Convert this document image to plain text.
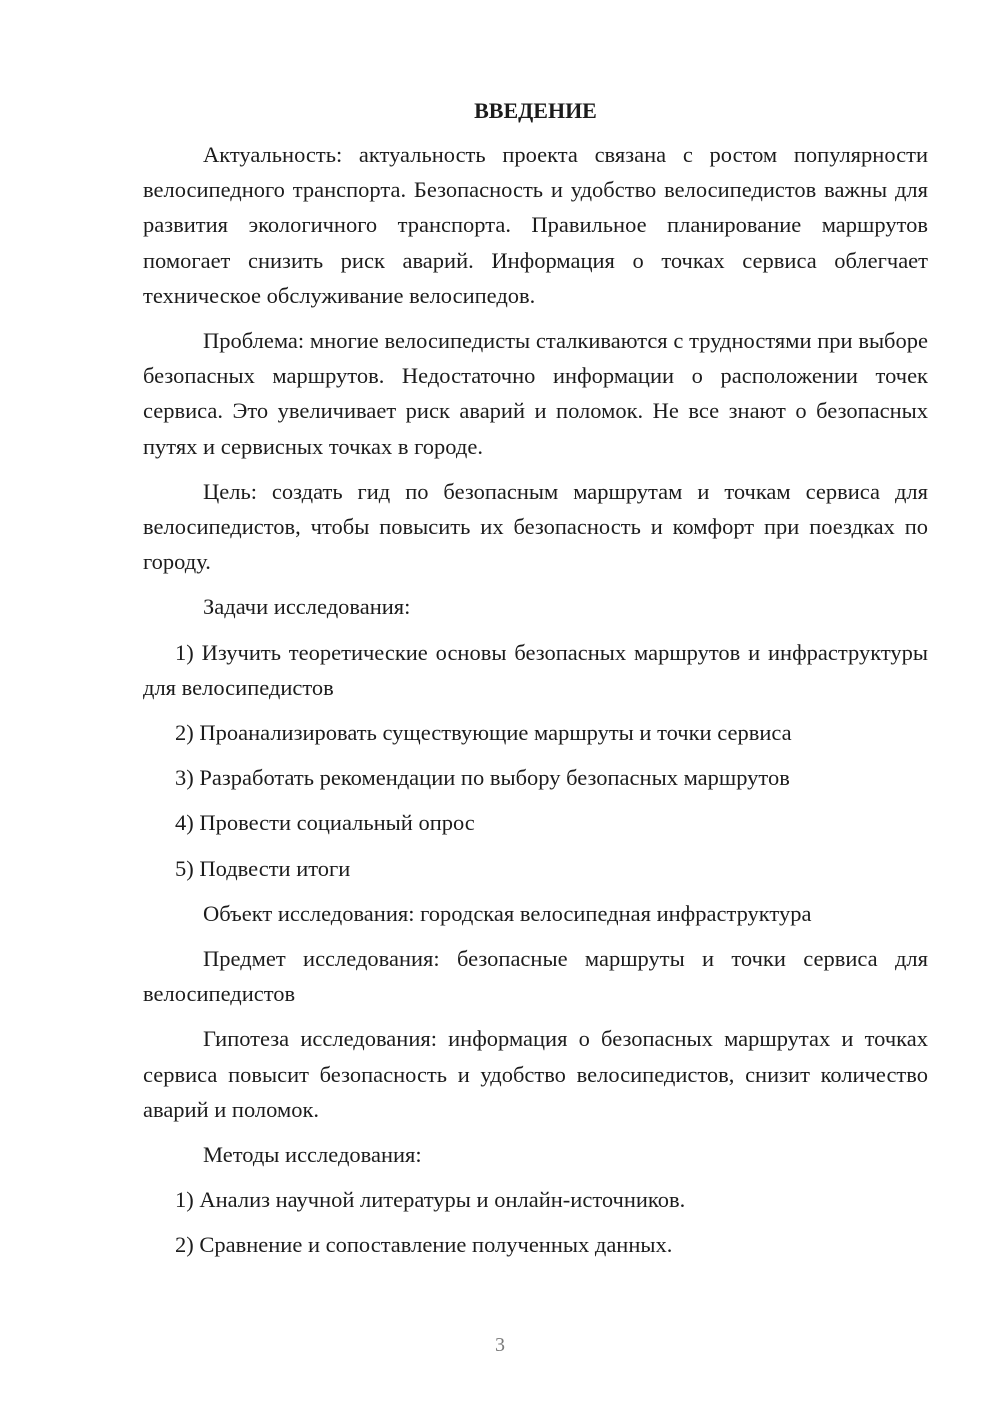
ВВЕДЕНИЕ

Актуальность: актуальность проекта связана с ростом популярности велосипедного транспорта. Безопасность и удобство велосипедистов важны для развития экологичного транспорта. Правильное планирование маршрутов помогает снизить риск аварий. Информация о точках сервиса облегчает техническое обслуживание велосипедов.

Проблема: многие велосипедисты сталкиваются с трудностями при выборе безопасных маршрутов. Недостаточно информации о расположении точек сервиса. Это увеличивает риск аварий и поломок. Не все знают о безопасных путях и сервисных точках в городе.

Цель: создать гид по безопасным маршрутам и точкам сервиса для велосипедистов, чтобы повысить их безопасность и комфорт при поездках по городу.

Задачи исследования:

1) Изучить теоретические основы безопасных маршрутов и инфраструктуры для велосипедистов

2) Проанализировать существующие маршруты и точки сервиса

3) Разработать рекомендации по выбору безопасных маршрутов

4) Провести социальный опрос

5) Подвести итоги

Объект исследования: городская велосипедная инфраструктура

Предмет исследования: безопасные маршруты и точки сервиса для велосипедистов

Гипотеза исследования: информация о безопасных маршрутах и точках сервиса повысит безопасность и удобство велосипедистов, снизит количество аварий и поломок.

Методы исследования:

1) Анализ научной литературы и онлайн-источников.

2) Сравнение и сопоставление полученных данных.

3
